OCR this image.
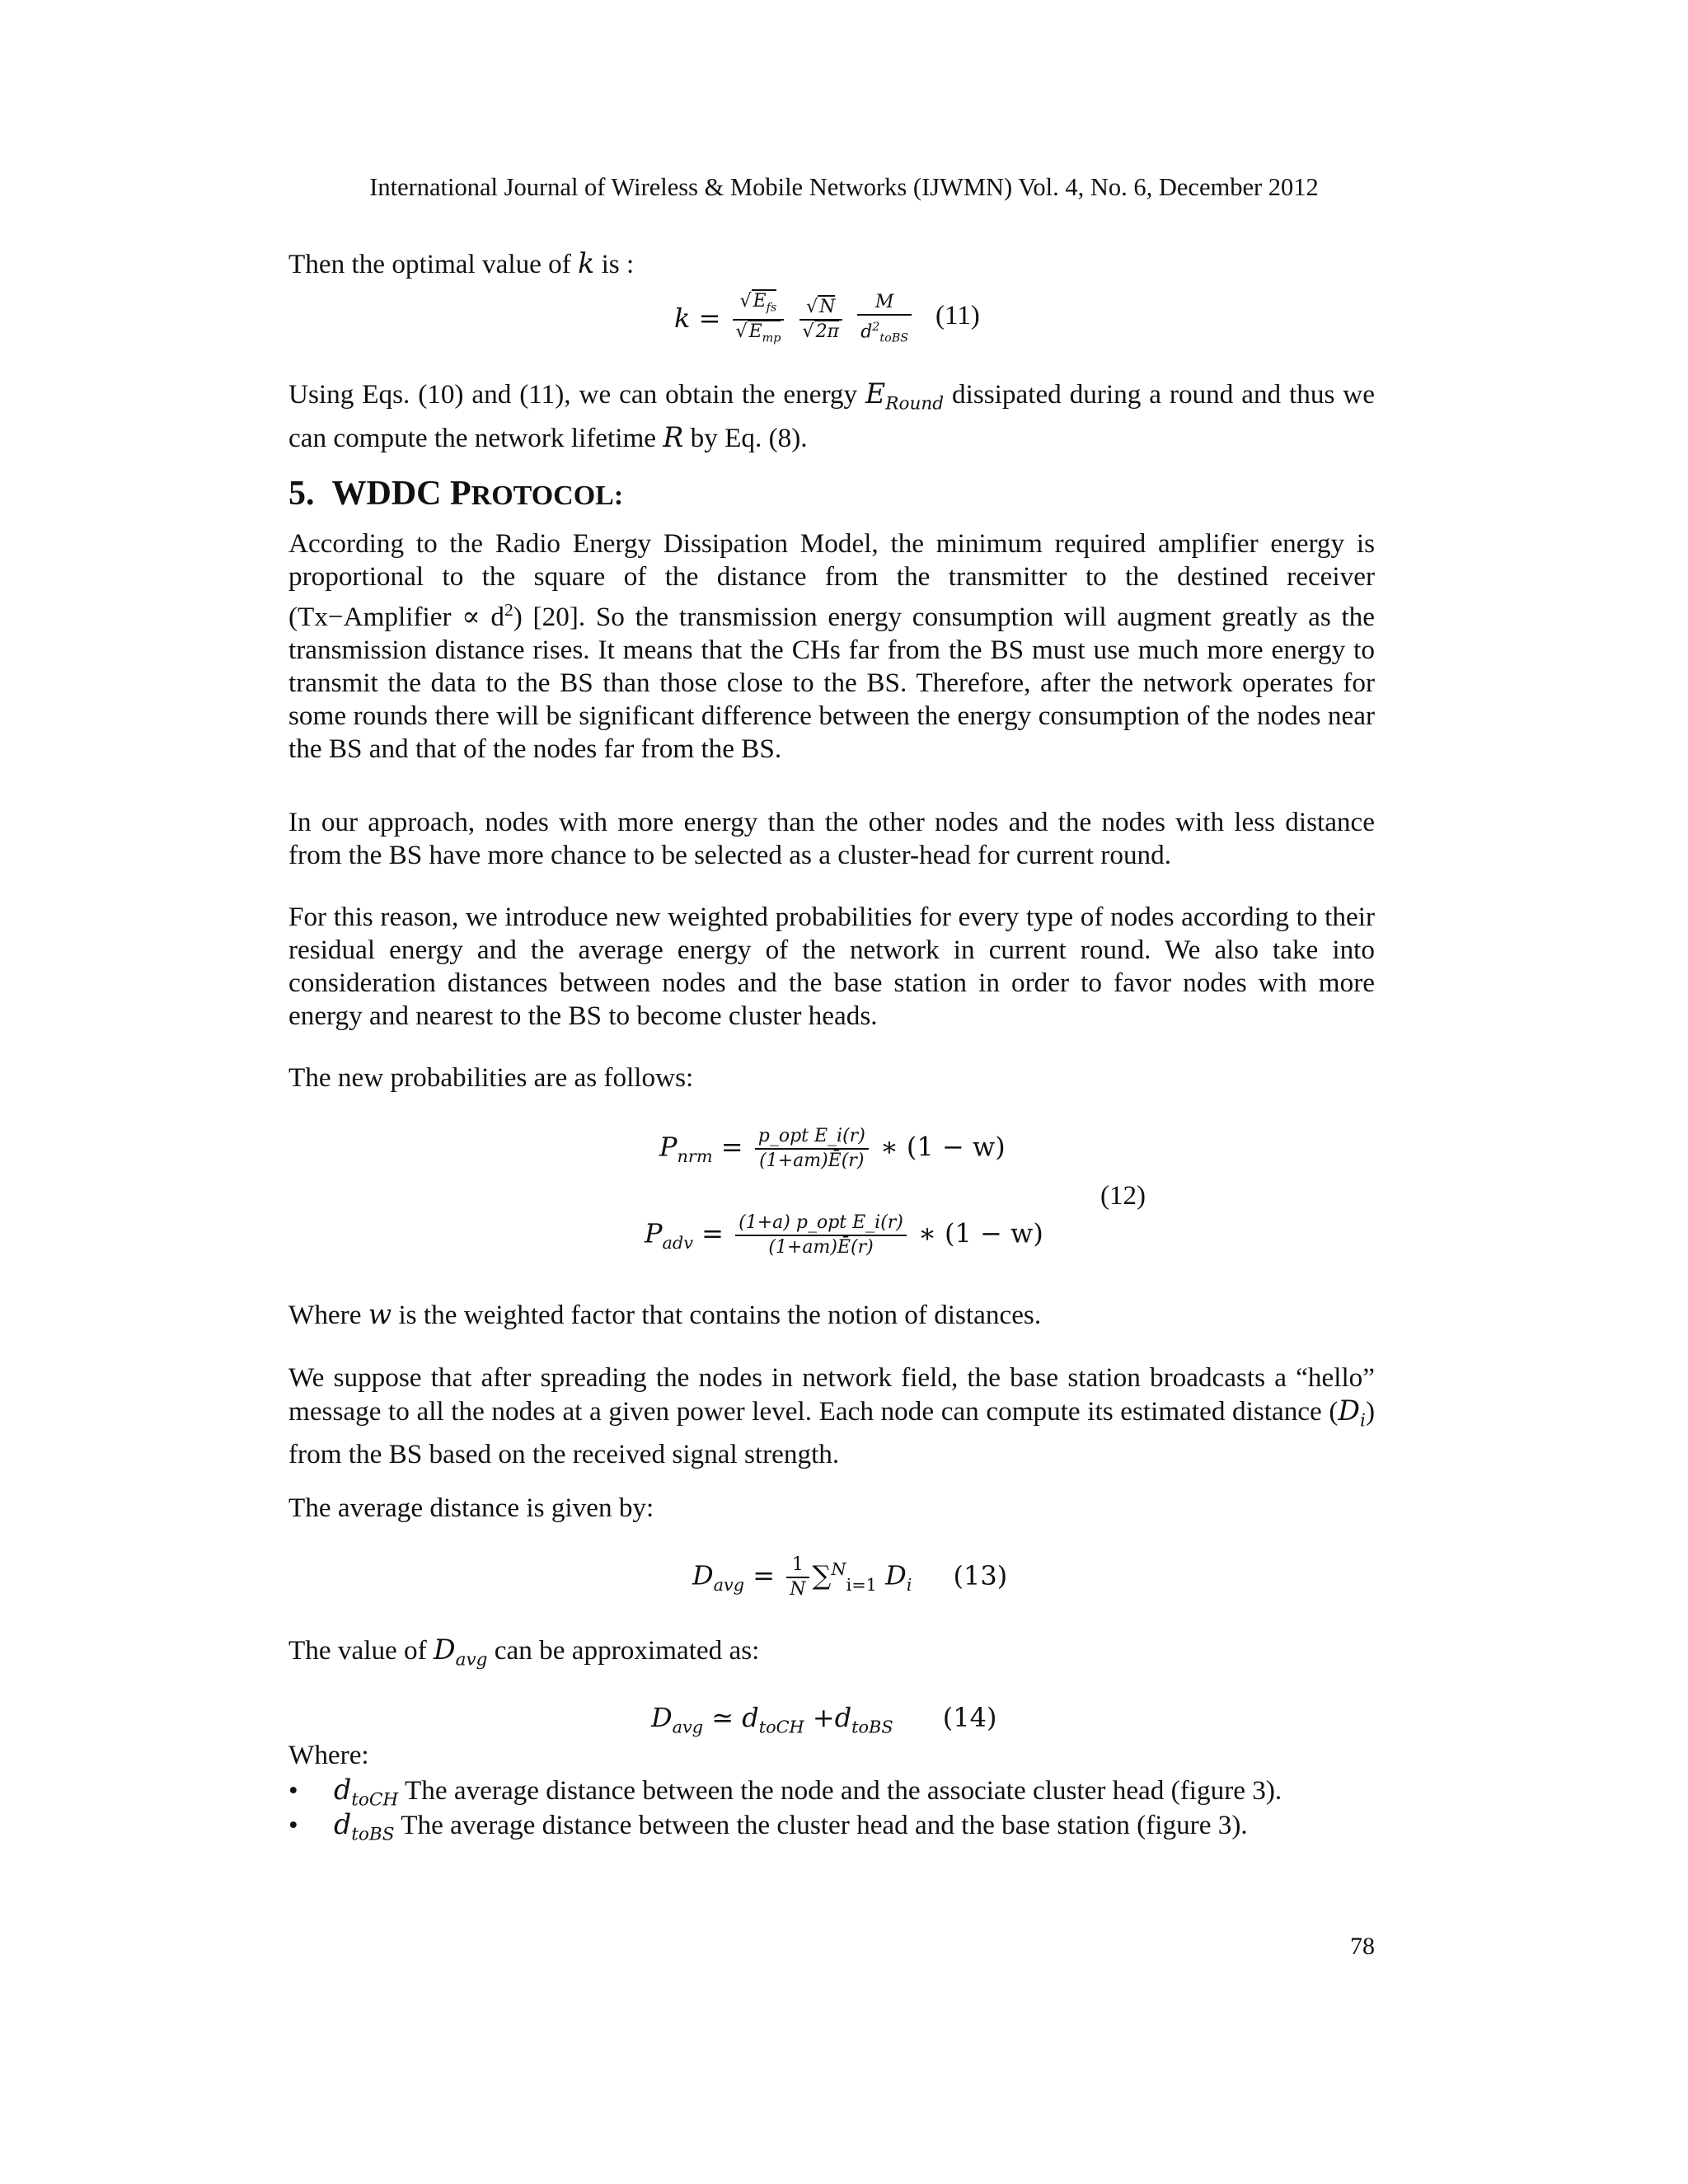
International Journal of Wireless & Mobile Networks (IJWMN) Vol. 4, No. 6, December 2012

Then the optimal value of k is :

$k = \frac{√E_{fs}}{√E_{mp}}$
$\frac{√N}{√2\pi}$
$\frac{M}{d^2_{toBS}} (11)$

Using Eqs. (10) and (11), we can obtain the energy $E_{Round}$ dissipated during a round and thus we can compute the network lifetime R by Eq. (8).

5. WDDC PROTOCOL:

According to the Radio Energy Dissipation Model, the minimum required amplifier energy is proportional to the square of the distance from the transmitter to the destined receiver (Tx−Amplifier ∝ $d^2$) [20]. So the transmission energy consumption will augment greatly as the transmission distance rises. It means that the CHs far from the BS must use much more energy to transmit the data to the BS than those close to the BS. Therefore, after the network operates for some rounds there will be significant difference between the energy consumption of the nodes near the BS and that of the nodes far from the BS.

In our approach, nodes with more energy than the other nodes and the nodes with less distance from the BS have more chance to be selected as a cluster-head for current round.

For this reason, we introduce new weighted probabilities for every type of nodes according to their residual energy and the average energy of the network in current round. We also take into consideration distances between nodes and the base station in order to favor nodes with more energy and nearest to the BS to become cluster heads.

The new probabilities are as follows:

$P_{nrm} = \frac{\text{p\_opt E\_i(r)}}{(1+am)Ē(r)}$ ∗ (1 − w)
$P_{adv} = \frac{\text{(1+a) p\_opt E\_i(r)}}{(1+am)Ē(r)}$ ∗ (1 − w)
(12)

Where w is the weighted factor that contains the notion of distances.

We suppose that after spreading the nodes in network field, the base station broadcasts a “hello” message to all the nodes at a given power level. Each node can compute its estimated distance $(D_i)$ from the BS based on the received signal strength.

The average distance is given by:

$D_{avg} = \frac{1}{N} \sum^N_{i=1}$ $D_i$ (13)

The value of $D_{avg}$ can be approximated as:

$D_{avg}$ ≃ $d_{toCH} +d_{toBS}$ (14)

Where:

• $d_{toCH}$ The average distance between the node and the associate cluster head (figure 3).
• $d_{toBS}$ The average distance between the cluster head and the base station (figure 3).
78
